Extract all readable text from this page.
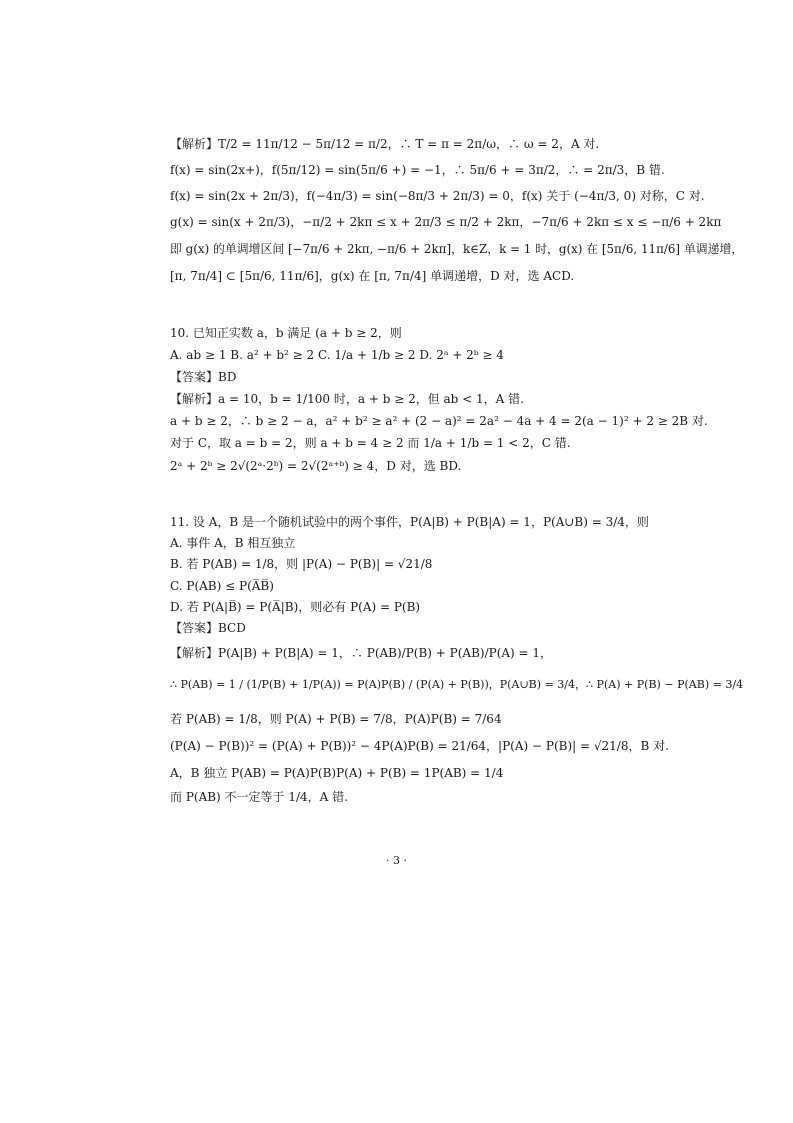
【解析】T/2 = 11π/12 − 5π/12 = π/2，∴ T = π = 2π/ω，∴ ω = 2，A 对.
f(x) = sin(2x+)，f(5π/12) = sin(5π/6 +) = −1，∴ 5π/6 + = 3π/2，∴ = 2π/3，B 错.
f(x) = sin(2x + 2π/3)，f(−4π/3) = sin(−8π/3 + 2π/3) = 0，f(x) 关于 (−4π/3, 0) 对称，C 对.
g(x) = sin(x + 2π/3)，−π/2 + 2kπ ≤ x + 2π/3 ≤ π/2 + 2kπ，−7π/6 + 2kπ ≤ x ≤ −π/6 + 2kπ
即 g(x) 的单调增区间 [−7π/6 + 2kπ, −π/6 + 2kπ]，k∈Z，k = 1 时，g(x) 在 [5π/6, 11π/6] 单调递增，
[π, 7π/4] ⊂ [5π/6, 11π/6]，g(x) 在 [π, 7π/4] 单调递增，D 对，选 ACD.
10. 已知正实数 a，b 满足 (a + b ≥ 2，则
A. ab ≥ 1 B. a² + b² ≥ 2 C. 1/a + 1/b ≥ 2 D. 2ᵃ + 2ᵇ ≥ 4
【答案】BD
【解析】a = 10，b = 1/100 时，a + b ≥ 2，但 ab < 1，A 错.
a + b ≥ 2，∴ b ≥ 2 − a，a² + b² ≥ a² + (2 − a)² = 2a² − 4a + 4 = 2(a − 1)² + 2 ≥ 2B 对.
对于 C，取 a = b = 2，则 a + b = 4 ≥ 2 而 1/a + 1/b = 1 < 2，C 错.
2ᵃ + 2ᵇ ≥ 2√(2ᵃ·2ᵇ) = 2√(2ᵃ⁺ᵇ) ≥ 4，D 对，选 BD.
11. 设 A，B 是一个随机试验中的两个事件，P(A|B) + P(B|A) = 1，P(A∪B) = 3/4，则
A. 事件 A，B 相互独立
B. 若 P(AB) = 1/8，则 |P(A) − P(B)| = √21/8
C. P(AB) ≤ P(A̅B̅)
D. 若 P(A|B̅) = P(A̅|B)，则必有 P(A) = P(B)
【答案】BCD
【解析】P(A|B) + P(B|A) = 1，∴ P(AB)/P(B) + P(AB)/P(A) = 1，
∴ P(AB) = 1 / (1/P(B) + 1/P(A)) = P(A)P(B) / (P(A) + P(B))，P(A∪B) = 3/4，∴ P(A) + P(B) − P(AB) = 3/4
若 P(AB) = 1/8，则 P(A) + P(B) = 7/8，P(A)P(B) = 7/64
(P(A) − P(B))² = (P(A) + P(B))² − 4P(A)P(B) = 21/64，|P(A) − P(B)| = √21/8，B 对.
A，B 独立 P(AB) = P(A)P(B)P(A) + P(B) = 1P(AB) = 1/4
而 P(AB) 不一定等于 1/4，A 错.
· 3 ·
